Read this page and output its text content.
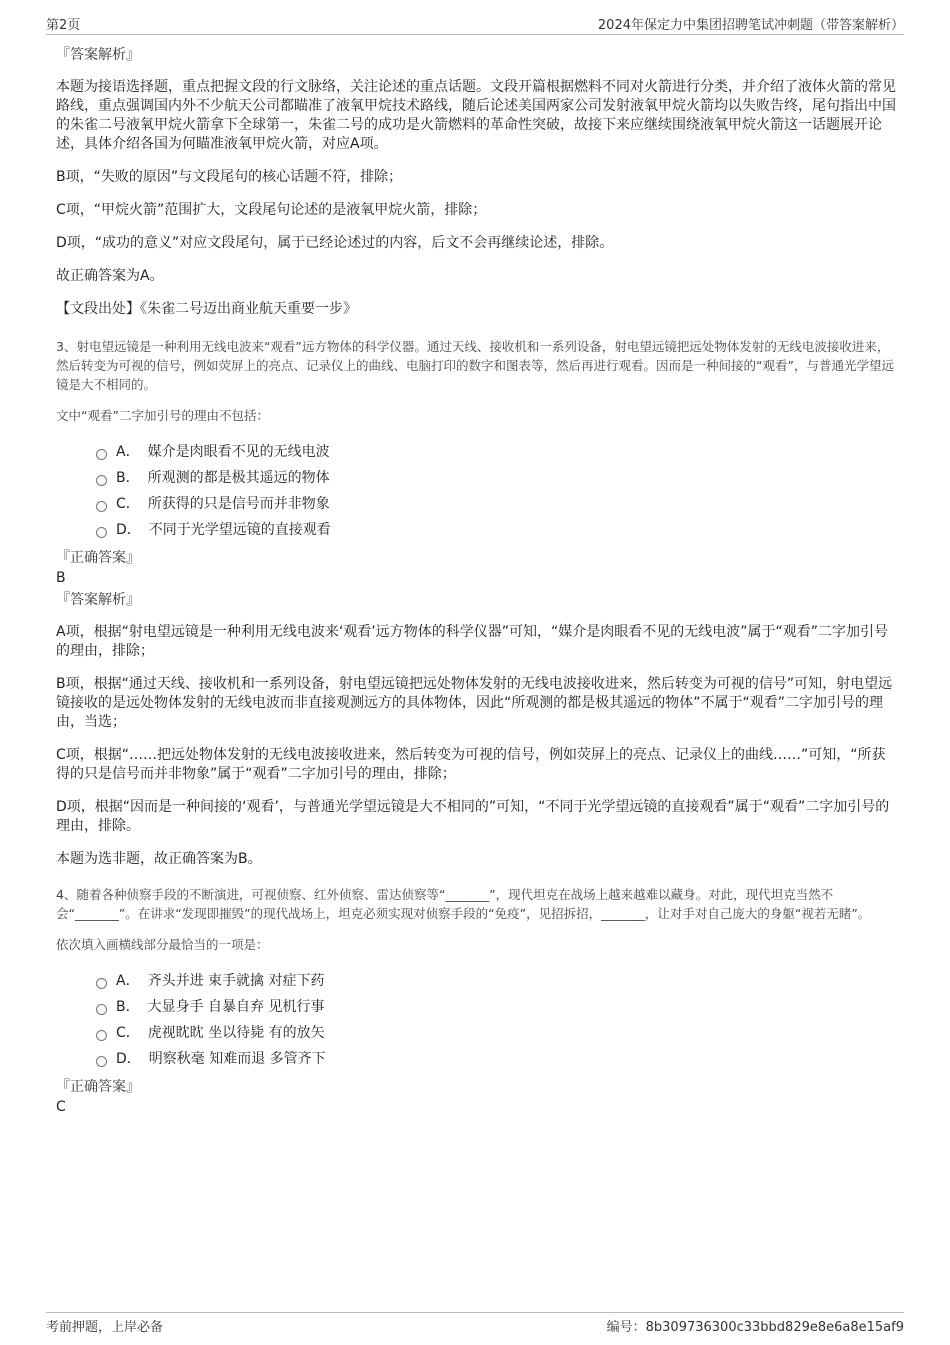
第2页	2024年保定力中集团招聘笔试冲刺题（带答案解析）

『答案解析』

本题为接语选择题，重点把握文段的行文脉络，关注论述的重点话题。文段开篇根据燃料不同对火箭进行分类，并介绍了液体火箭的常见路线，重点强调国内外不少航天公司都瞄准了液氧甲烷技术路线，随后论述美国两家公司发射液氧甲烷火箭均以失败告终，尾句指出中国的朱雀二号液氧甲烷火箭拿下全球第一，朱雀二号的成功是火箭燃料的革命性突破，故接下来应继续围绕液氧甲烷火箭这一话题展开论述，具体介绍各国为何瞄准液氧甲烷火箭，对应A项。

B项，“失败的原因”与文段尾句的核心话题不符，排除；

C项，“甲烷火箭”范围扩大，文段尾句论述的是液氧甲烷火箭，排除；

D项，“成功的意义”对应文段尾句，属于已经论述过的内容，后文不会再继续论述，排除。

故正确答案为A。

【文段出处】《朱雀二号迈出商业航天重要一步》

3、射电望远镜是一种利用无线电波来“观看”远方物体的科学仪器。通过天线、接收机和一系列设备，射电望远镜把远处物体发射的无线电波接收进来，然后转变为可视的信号，例如荧屏上的亮点、记录仪上的曲线、电脑打印的数字和图表等，然后再进行观看。因而是一种间接的“观看”，与普通光学望远镜是大不相同的。

文中“观看”二字加引号的理由不包括：

A． 媒介是肉眼看不见的无线电波
B． 所观测的都是极其遥远的物体
C． 所获得的只是信号而并非物象
D． 不同于光学望远镜的直接观看

『正确答案』

B

『答案解析』

A项，根据“射电望远镜是一种利用无线电波来‘观看’远方物体的科学仪器”可知，“媒介是肉眼看不见的无线电波”属于“观看”二字加引号的理由，排除；

B项，根据“通过天线、接收机和一系列设备，射电望远镜把远处物体发射的无线电波接收进来，然后转变为可视的信号”可知，射电望远镜接收的是远处物体发射的无线电波而非直接观测远方的具体物体，因此“所观测的都是极其遥远的物体”不属于“观看”二字加引号的理由，当选；

C项，根据“……把远处物体发射的无线电波接收进来，然后转变为可视的信号，例如荧屏上的亮点、记录仪上的曲线……”可知，“所获得的只是信号而并非物象”属于“观看”二字加引号的理由，排除；

D项，根据“因而是一种间接的‘观看’，与普通光学望远镜是大不相同的”可知，“不同于光学望远镜的直接观看”属于“观看”二字加引号的理由，排除。

本题为选非题，故正确答案为B。

4、随着各种侦察手段的不断演进，可视侦察、红外侦察、雷达侦察等“_______”，现代坦克在战场上越来越难以藏身。对此，现代坦克当然不会“_______”。在讲求“发现即摧毁”的现代战场上，坦克必须实现对侦察手段的“免疫”，见招拆招，_______，让对手对自己庞大的身躯“视若无睹”。

依次填入画横线部分最恰当的一项是：

A． 齐头并进 束手就擒 对症下药
B． 大显身手 自暴自弃 见机行事
C． 虎视眈眈 坐以待毙 有的放矢
D． 明察秋毫 知难而退 多管齐下

『正确答案』

C

考前押题，上岸必备	编号：8b309736300c33bbd829e8e6a8e15af9
